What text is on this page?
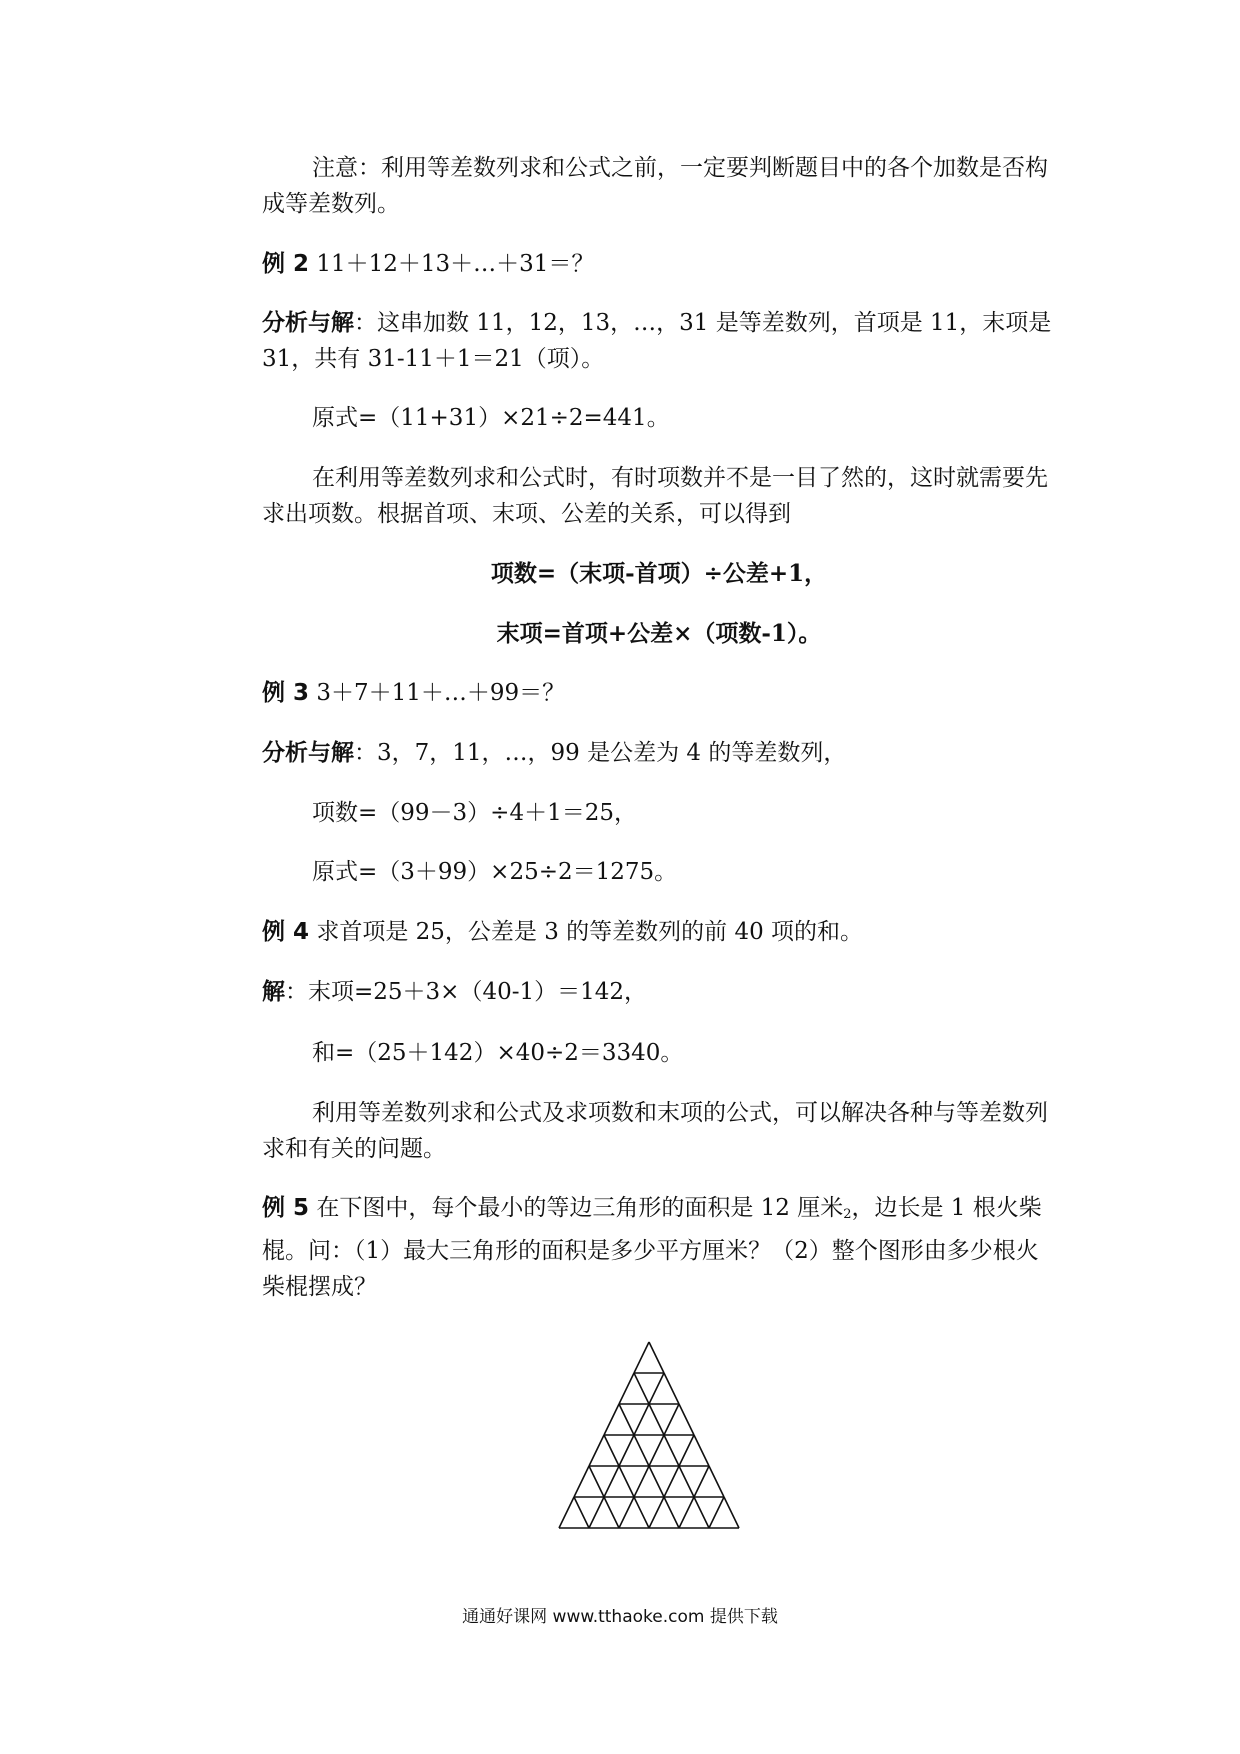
注意：利用等差数列求和公式之前，一定要判断题目中的各个加数是否构成等差数列。

例 2 11＋12＋13＋…＋31＝？

分析与解：这串加数 11，12，13，…，31 是等差数列，首项是 11，末项是 31，共有 31-11＋1＝21（项）。

原式=（11+31）×21÷2=441。

在利用等差数列求和公式时，有时项数并不是一目了然的，这时就需要先求出项数。根据首项、末项、公差的关系，可以得到

项数=（末项-首项）÷公差+1，

末项=首项+公差×（项数-1）。

例 3 3＋7＋11＋…＋99＝？

分析与解：3，7，11，…，99 是公差为 4 的等差数列，

项数=（99－3）÷4＋1＝25，

原式=（3＋99）×25÷2＝1275。

例 4 求首项是 25，公差是 3 的等差数列的前 40 项的和。

解：末项=25＋3×（40-1）＝142，

和=（25＋142）×40÷2＝3340。

利用等差数列求和公式及求项数和末项的公式，可以解决各种与等差数列求和有关的问题。

例 5 在下图中，每个最小的等边三角形的面积是 12 厘米$_2$，边长是 1 根火柴棍。问：（1）最大三角形的面积是多少平方厘米？（2）整个图形由多少根火柴棍摆成？

通通好课网 www.tthaoke.com 提供下载
